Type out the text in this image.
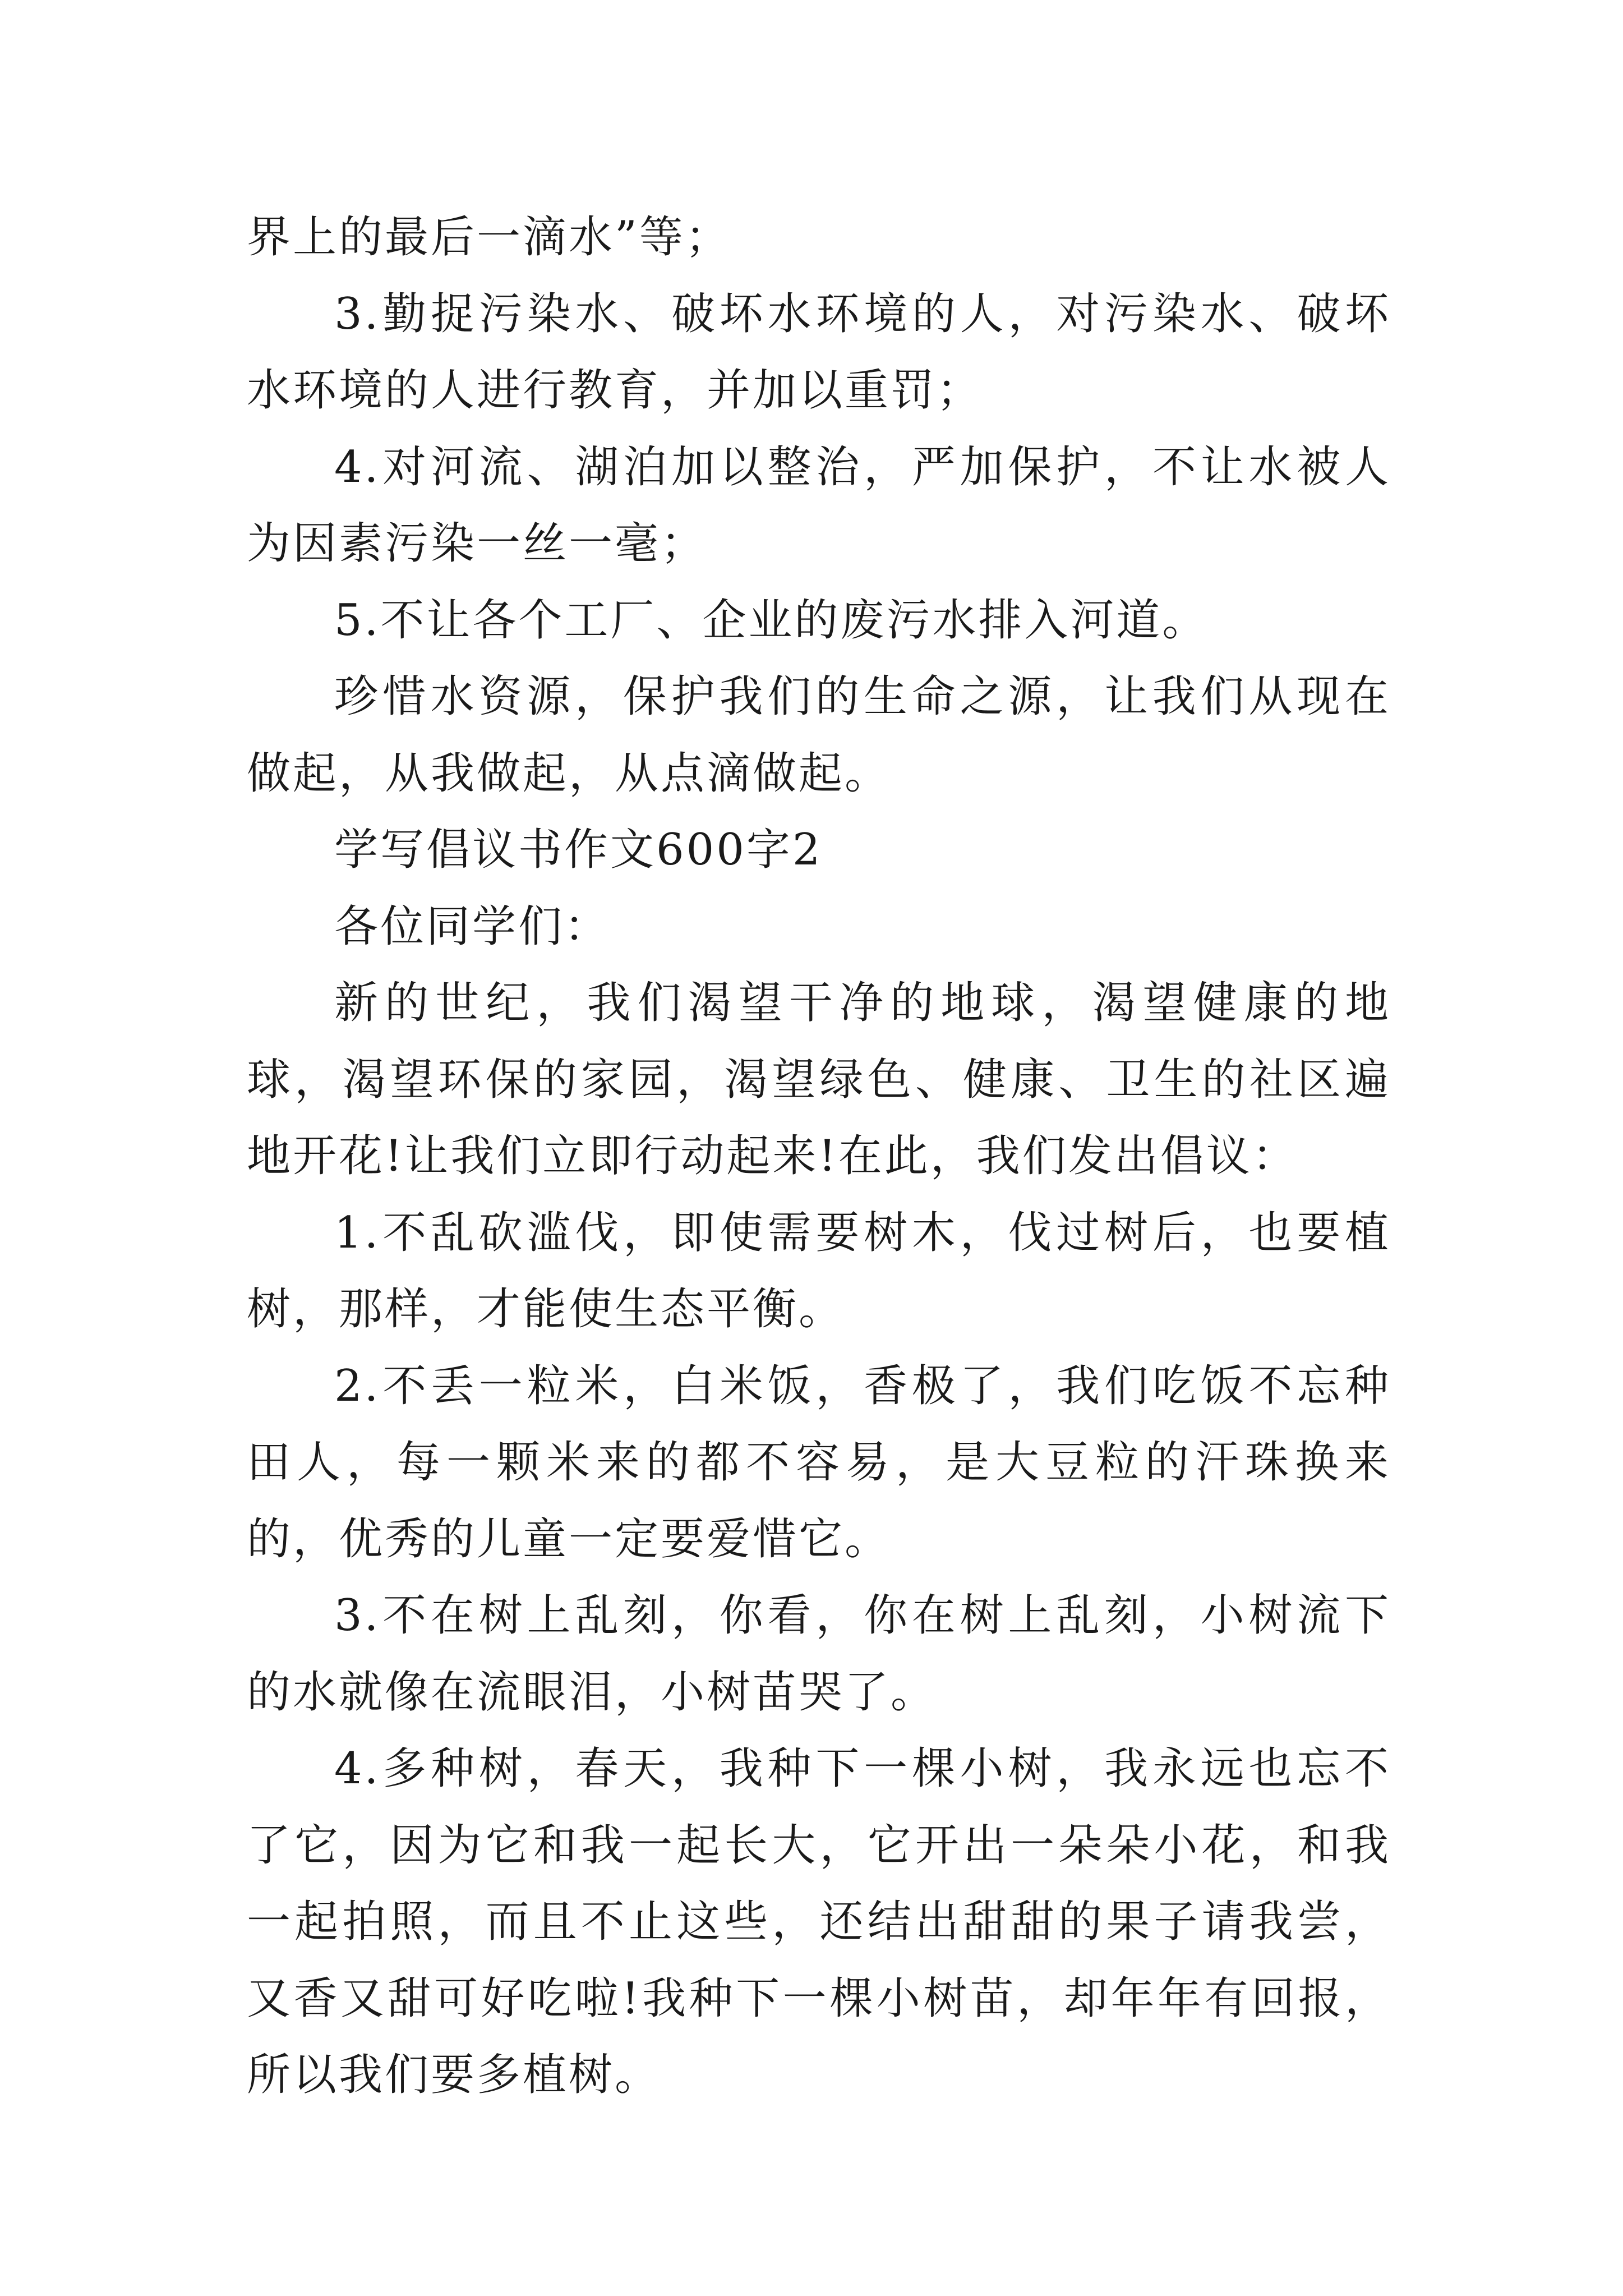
界上的最后一滴水”等；

3.勤捉污染水、破坏水环境的人，对污染水、破坏水环境的人进行教育，并加以重罚；

4.对河流、湖泊加以整治，严加保护，不让水被人为因素污染一丝一毫；

5.不让各个工厂、企业的废污水排入河道。

珍惜水资源，保护我们的生命之源，让我们从现在做起，从我做起，从点滴做起。

学写倡议书作文600字2

各位同学们：

新的世纪，我们渴望干净的地球，渴望健康的地球，渴望环保的家园，渴望绿色、健康、卫生的社区遍地开花!让我们立即行动起来!在此，我们发出倡议：

1.不乱砍滥伐，即使需要树木，伐过树后，也要植树，那样，才能使生态平衡。

2.不丢一粒米，白米饭，香极了，我们吃饭不忘种田人，每一颗米来的都不容易，是大豆粒的汗珠换来的，优秀的儿童一定要爱惜它。

3.不在树上乱刻，你看，你在树上乱刻，小树流下的水就像在流眼泪，小树苗哭了。

4.多种树，春天，我种下一棵小树，我永远也忘不了它，因为它和我一起长大，它开出一朵朵小花，和我一起拍照，而且不止这些，还结出甜甜的果子请我尝，又香又甜可好吃啦!我种下一棵小树苗，却年年有回报，所以我们要多植树。
